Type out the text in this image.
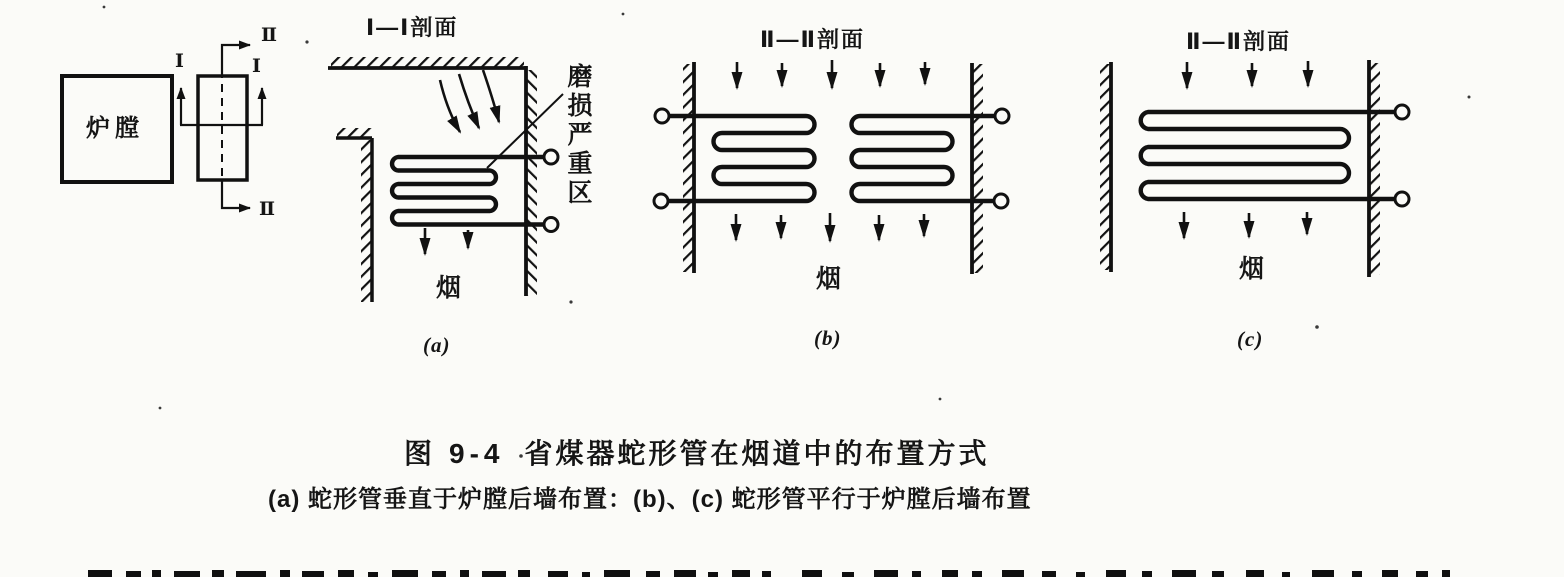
炉膛
Ⅱ
Ⅱ
Ⅰ	Ⅰ
Ⅰ—Ⅰ剖面
磨损严重区
烟
(a)
Ⅱ—Ⅱ剖面
烟
(b)
Ⅱ—Ⅱ剖面
烟
(c)
图 9-4 省煤器蛇形管在烟道中的布置方式
(a) 蛇形管垂直于炉膛后墙布置：(b)、(c) 蛇形管平行于炉膛后墙布置
